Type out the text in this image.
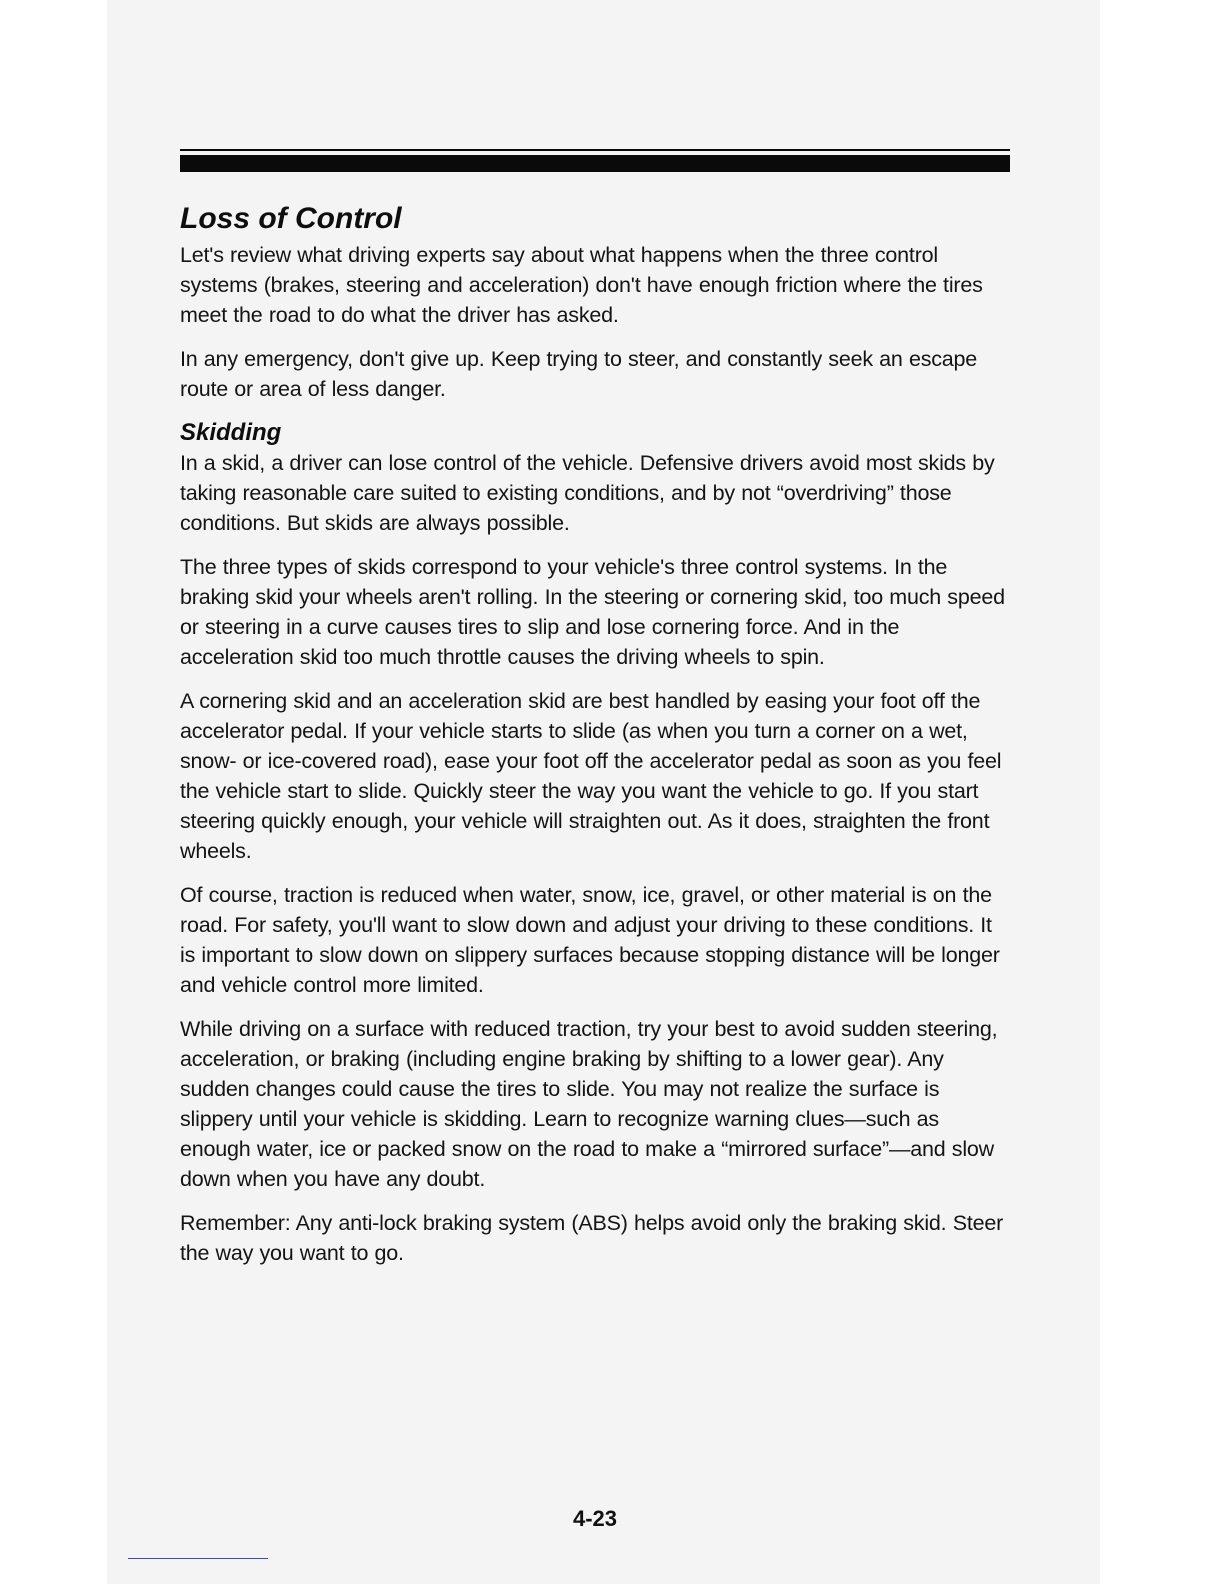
Loss of Control

Let's review what driving experts say about what happens when the three control systems (brakes, steering and acceleration) don't have enough friction where the tires meet the road to do what the driver has asked.

In any emergency, don't give up. Keep trying to steer, and constantly seek an escape route or area of less danger.

Skidding

In a skid, a driver can lose control of the vehicle. Defensive drivers avoid most skids by taking reasonable care suited to existing conditions, and by not “overdriving” those conditions. But skids are always possible.

The three types of skids correspond to your vehicle's three control systems. In the braking skid your wheels aren't rolling. In the steering or cornering skid, too much speed or steering in a curve causes tires to slip and lose cornering force. And in the acceleration skid too much throttle causes the driving wheels to spin.

A cornering skid and an acceleration skid are best handled by easing your foot off the accelerator pedal. If your vehicle starts to slide (as when you turn a corner on a wet, snow- or ice-covered road), ease your foot off the accelerator pedal as soon as you feel the vehicle start to slide. Quickly steer the way you want the vehicle to go. If you start steering quickly enough, your vehicle will straighten out. As it does, straighten the front wheels.

Of course, traction is reduced when water, snow, ice, gravel, or other material is on the road. For safety, you'll want to slow down and adjust your driving to these conditions. It is important to slow down on slippery surfaces because stopping distance will be longer and vehicle control more limited.

While driving on a surface with reduced traction, try your best to avoid sudden steering, acceleration, or braking (including engine braking by shifting to a lower gear). Any sudden changes could cause the tires to slide. You may not realize the surface is slippery until your vehicle is skidding. Learn to recognize warning clues—such as enough water, ice or packed snow on the road to make a “mirrored surface”—and slow down when you have any doubt.

Remember: Any anti-lock braking system (ABS) helps avoid only the braking skid. Steer the way you want to go.

4-23
